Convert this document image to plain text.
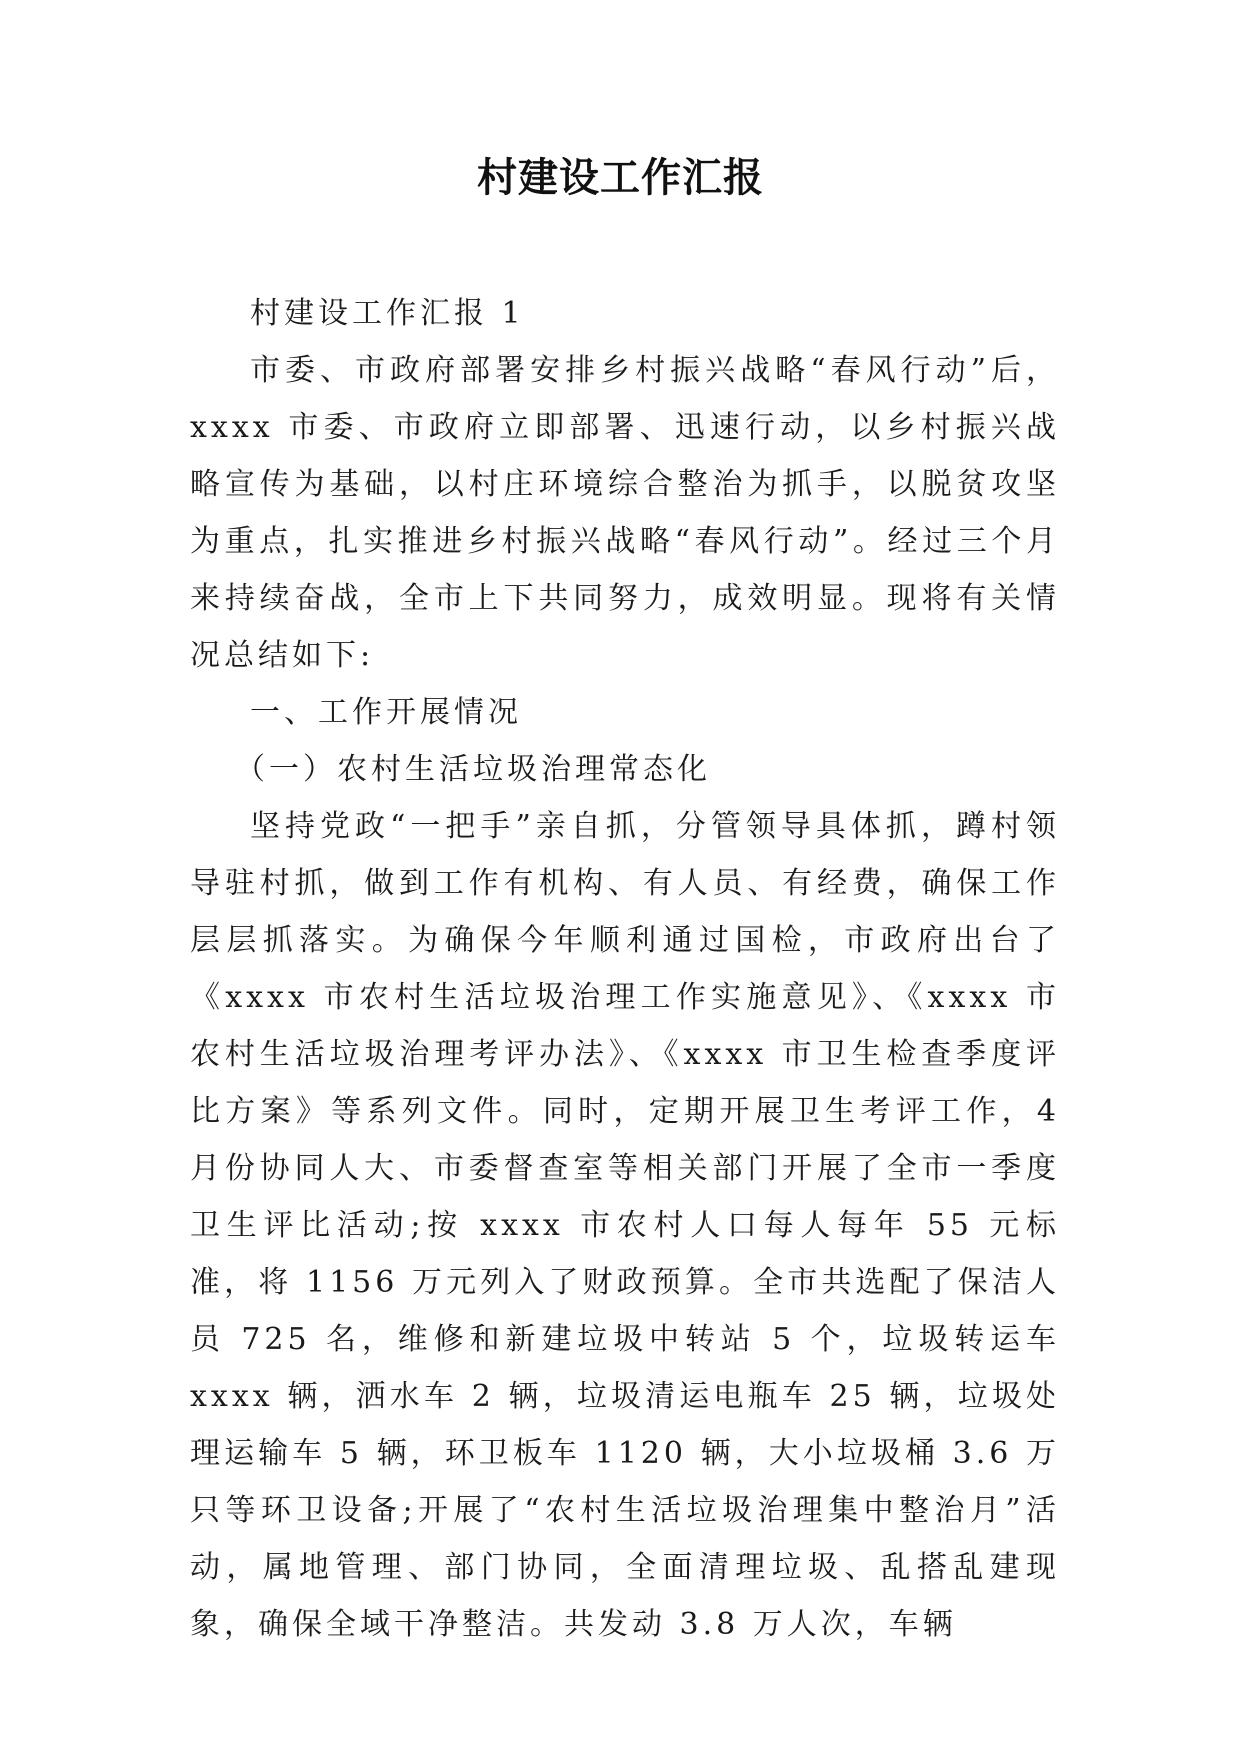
村建设工作汇报

村建设工作汇报 1

市委、市政府部署安排乡村振兴战略“春风行动”后，xxxx 市委、市政府立即部署、迅速行动，以乡村振兴战略宣传为基础，以村庄环境综合整治为抓手，以脱贫攻坚为重点，扎实推进乡村振兴战略“春风行动”。经过三个月来持续奋战，全市上下共同努力，成效明显。现将有关情况总结如下:

一、工作开展情况

（一）农村生活垃圾治理常态化

坚持党政“一把手”亲自抓，分管领导具体抓，蹲村领导驻村抓，做到工作有机构、有人员、有经费，确保工作层层抓落实。为确保今年顺利通过国检，市政府出台了《xxxx 市农村生活垃圾治理工作实施意见》、《xxxx 市农村生活垃圾治理考评办法》、《xxxx 市卫生检查季度评比方案》等系列文件。同时，定期开展卫生考评工作，4 月份协同人大、市委督查室等相关部门开展了全市一季度卫生评比活动;按 xxxx 市农村人口每人每年 55 元标准，将 1156 万元列入了财政预算。全市共选配了保洁人员 725 名，维修和新建垃圾中转站 5 个，垃圾转运车 xxxx 辆，洒水车 2 辆，垃圾清运电瓶车 25 辆，垃圾处理运输车 5 辆，环卫板车 1120 辆，大小垃圾桶 3.6 万只等环卫设备;开展了“农村生活垃圾治理集中整治月”活动，属地管理、部门协同，全面清理垃圾、乱搭乱建现象，确保全域干净整洁。共发动 3.8 万人次，车辆
